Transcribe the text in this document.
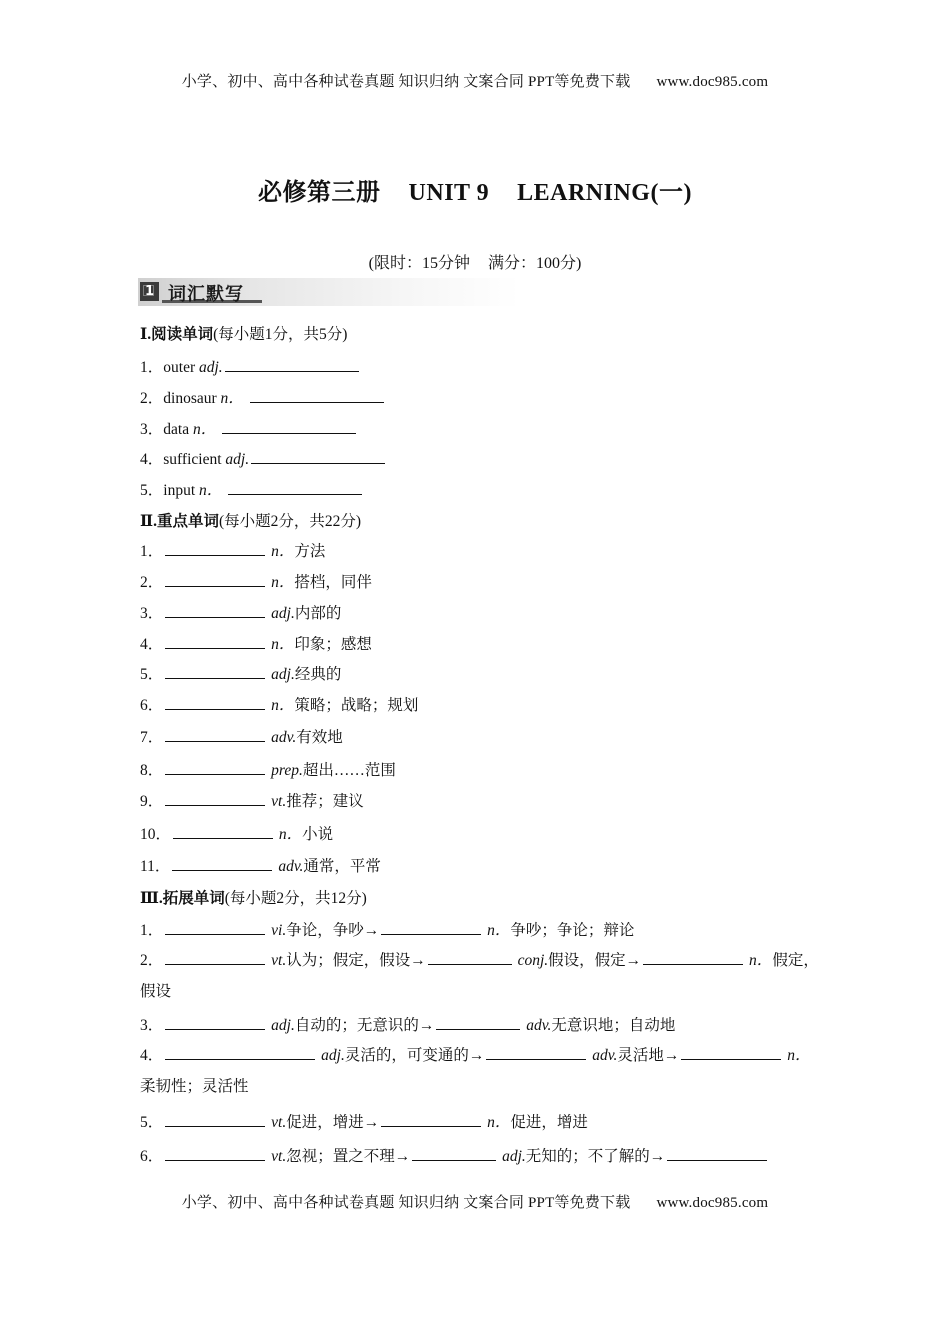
小学、初中、高中各种试卷真题 知识归纳 文案合同 PPT等免费下载 www.doc985.com
必修第三册 UNIT 9 LEARNING(一)
(限时：15分钟 满分：100分)
1 词汇默写
Ⅰ.阅读单词(每小题1分，共5分)
1．outer adj.
2．dinosaur n．
3．data n．
4．sufficient adj.
5．input n．
Ⅱ.重点单词(每小题2分，共22分)
1．	n．方法
2．	n．搭档，同伴
3．	adj.内部的
4．	n．印象；感想
5．	adj.经典的
6．	n．策略；战略；规划
7．	adv.有效地
8．	prep.超出……范围
9．	vt.推荐；建议
10．	n．小说
11．	adv.通常，平常
Ⅲ.拓展单词(每小题2分，共12分)
1．	vi.争论，争吵→	n．争吵；争论；辩论
2．	vt.认为；假定，假设→	conj.假设，假定→	n．假定，假设
3．	adj.自动的；无意识的→	adv.无意识地；自动地
4．	adj.灵活的，可变通的→	adv.灵活地→	n．柔韧性；灵活性
5．	vt.促进，增进→	n．促进，增进
6．	vt.忽视；置之不理→	adj.无知的；不了解的→
小学、初中、高中各种试卷真题 知识归纳 文案合同 PPT等免费下载 www.doc985.com
